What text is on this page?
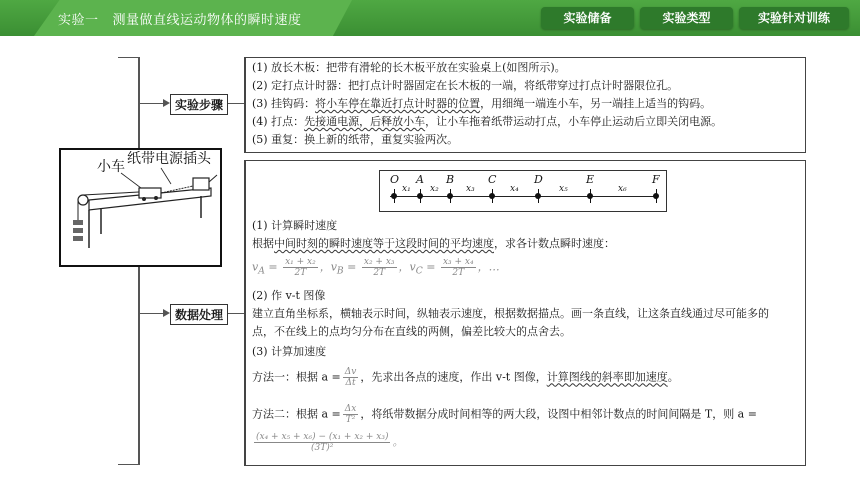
实验一 测量做直线运动物体的瞬时速度	实验储备	实验类型	实验针对训练
实验步骤
数据处理
小车 纸带电源插头
(1) 放长木板：把带有滑轮的长木板平放在实验桌上(如图所示)。
(2) 定打点计时器：把打点计时器固定在长木板的一端，将纸带穿过打点计时器限位孔。
(3) 挂钩码：将小车停在靠近打点计时器的位置，用细绳一端连小车，另一端挂上适当的钩码。
(4) 打点：先接通电源，后释放小车，让小车拖着纸带运动打点，小车停止运动后立即关闭电源。
(5) 重复：换上新的纸带，重复实验两次。
O A B	C	D	E	F
x₁ x₂	x₃	x₄	x₅	x₆
(1) 计算瞬时速度
根据中间时刻的瞬时速度等于这段时间的平均速度，求各计数点瞬时速度：
$v_A = \frac{\text{x₁ + x₂}}{2T}$ ，$v_B = \frac{\text{x₂ + x₃}}{2T}$ ，$v_C = \frac{\text{x₃ + x₄}}{2T}$ ，…
(2) 作 v-t 图像
建立直角坐标系，横轴表示时间，纵轴表示速度，根据数据描点。画一条直线，让这条直线通过尽可能多的
点，不在线上的点均匀分布在直线的两侧，偏差比较大的点舍去。
(3) 计算加速度
方法一：根据 $a = \frac{\Delta v}{\Delta t}$ ，先求出各点的速度，作出 v-t 图像，计算图线的斜率即加速度。
方法二：根据 $a = \frac{\Delta x}{\text{T²}}$ ，将纸带数据分成时间相等的两大段，设图中相邻计数点的时间间隔是 T，则 a =
$\frac{\text{(x₄ + x₅ + x₆) − (x₁ + x₂ + x₃)}}{\text{(3T)²}}$ 。
